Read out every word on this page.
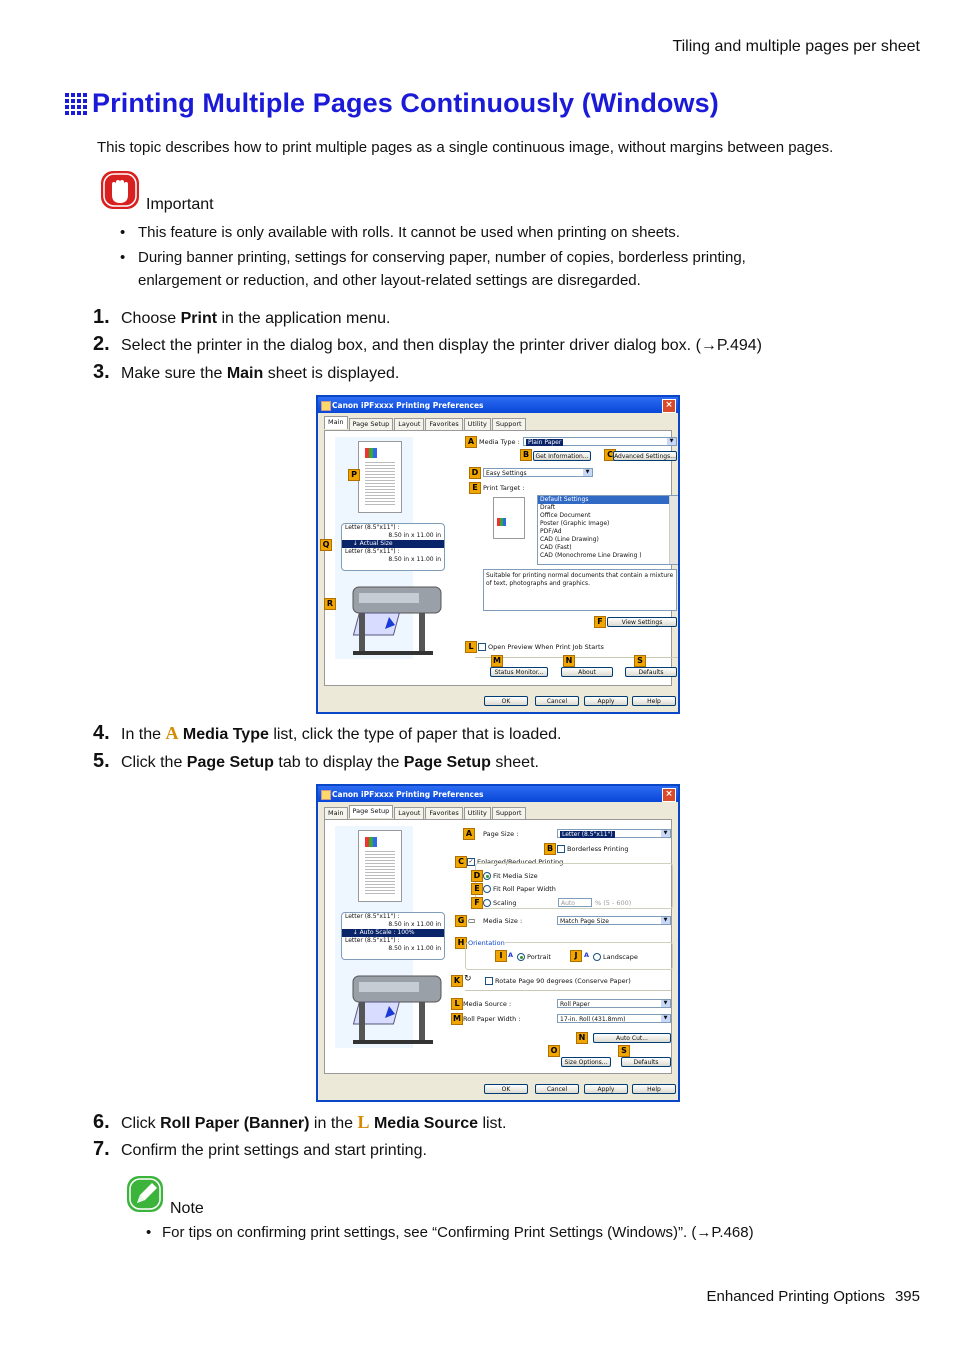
Tiling and multiple pages per sheet
Printing Multiple Pages Continuously (Windows)
This topic describes how to print multiple pages as a single continuous image, without margins between pages.
Important
• This feature is only available with rolls. It cannot be used when printing on sheets.
• During banner printing, settings for conserving paper, number of copies, borderless printing,
enlargement or reduction, and other layout-related settings are disregarded.
1. Choose Print in the application menu.
2. Select the printer in the dialog box, and then display the printer driver dialog box. (→P.494)
3. Make sure the Main sheet is displayed.
Canon iPFxxxx Printing Preferences	×
Main	Page Setup	Layout	Favorites	Utility	Support
Letter (8.5"x11") :
8.50 in x 11.00 in
↓ Actual Size
Letter (8.5"x11") :
8.50 in x 11.00 in
A Media Type :	Plain Paper	▼
B	Get Information...	C Advanced Settings...
D	Easy Settings	▼
E Print Target :
Default Settings
Draft
Office Document
Poster (Graphic Image)
PDF/Ad
CAD (Line Drawing)
CAD (Fast)
CAD (Monochrome Line Drawing )
Suitable for printing normal documents that contain a mixture of text, photographs and graphics.
F	View Settings
L	Open Preview When Print Job Starts
M	N	S
Status Monitor...	About	Defaults
P
Q
R
OK	Cancel	Apply	Help
4. In the A Media Type list, click the type of paper that is loaded.
5. Click the Page Setup tab to display the Page Setup sheet.
Canon iPFxxxx Printing Preferences	×
Main	Page Setup	Layout	Favorites	Utility	Support
Letter (8.5"x11") :
8.50 in x 11.00 in
↓ Auto Scale : 100%
Letter (8.5"x11") :
8.50 in x 11.00 in
A	Page Size :	Letter (8.5"x11")	▼
B	Borderless Printing
C ✓ Enlarged/Reduced Printing
D	Fit Media Size
E	Fit Roll Paper Width
F	Scaling	Auto	% (5 - 600)
G ▭ Media Size :	Match Page Size	▼
H Orientation
I A	Portrait	J	A	Landscape
K ↻	Rotate Page 90 degrees (Conserve Paper)
L Media Source :	Roll Paper	▼
M Roll Paper Width :	17-in. Roll (431.8mm)	▼
N	Auto Cut...
O	S
Size Options...	Defaults
OK	Cancel	Apply	Help
6. Click Roll Paper (Banner) in the L Media Source list.
7. Confirm the print settings and start printing.
Note
• For tips on confirming print settings, see “Confirming Print Settings (Windows)”. (→P.468)
Enhanced Printing Options 395
